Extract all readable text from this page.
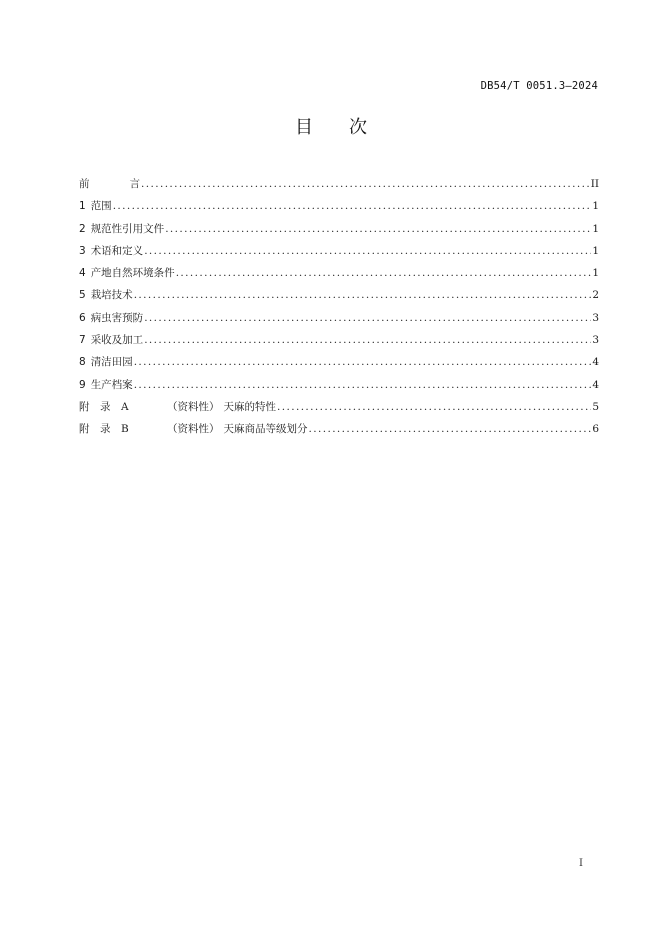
DB54/T 0051.3—2024
目 次
前	言 .....	II
1 范围 .....	1
2 规范性引用文件 .....	1
3 术语和定义 .....	1
4 产地自然环境条件 .....	1
5 栽培技术 .....	2
6 病虫害预防 .....	3
7 采收及加工 .....	3
8 清洁田园 .....	4
9 生产档案 .....	4
附　录　A	（资料性） 天麻的特性 .....	5
附　录　B	（资料性） 天麻商品等级划分 .....	6
I
